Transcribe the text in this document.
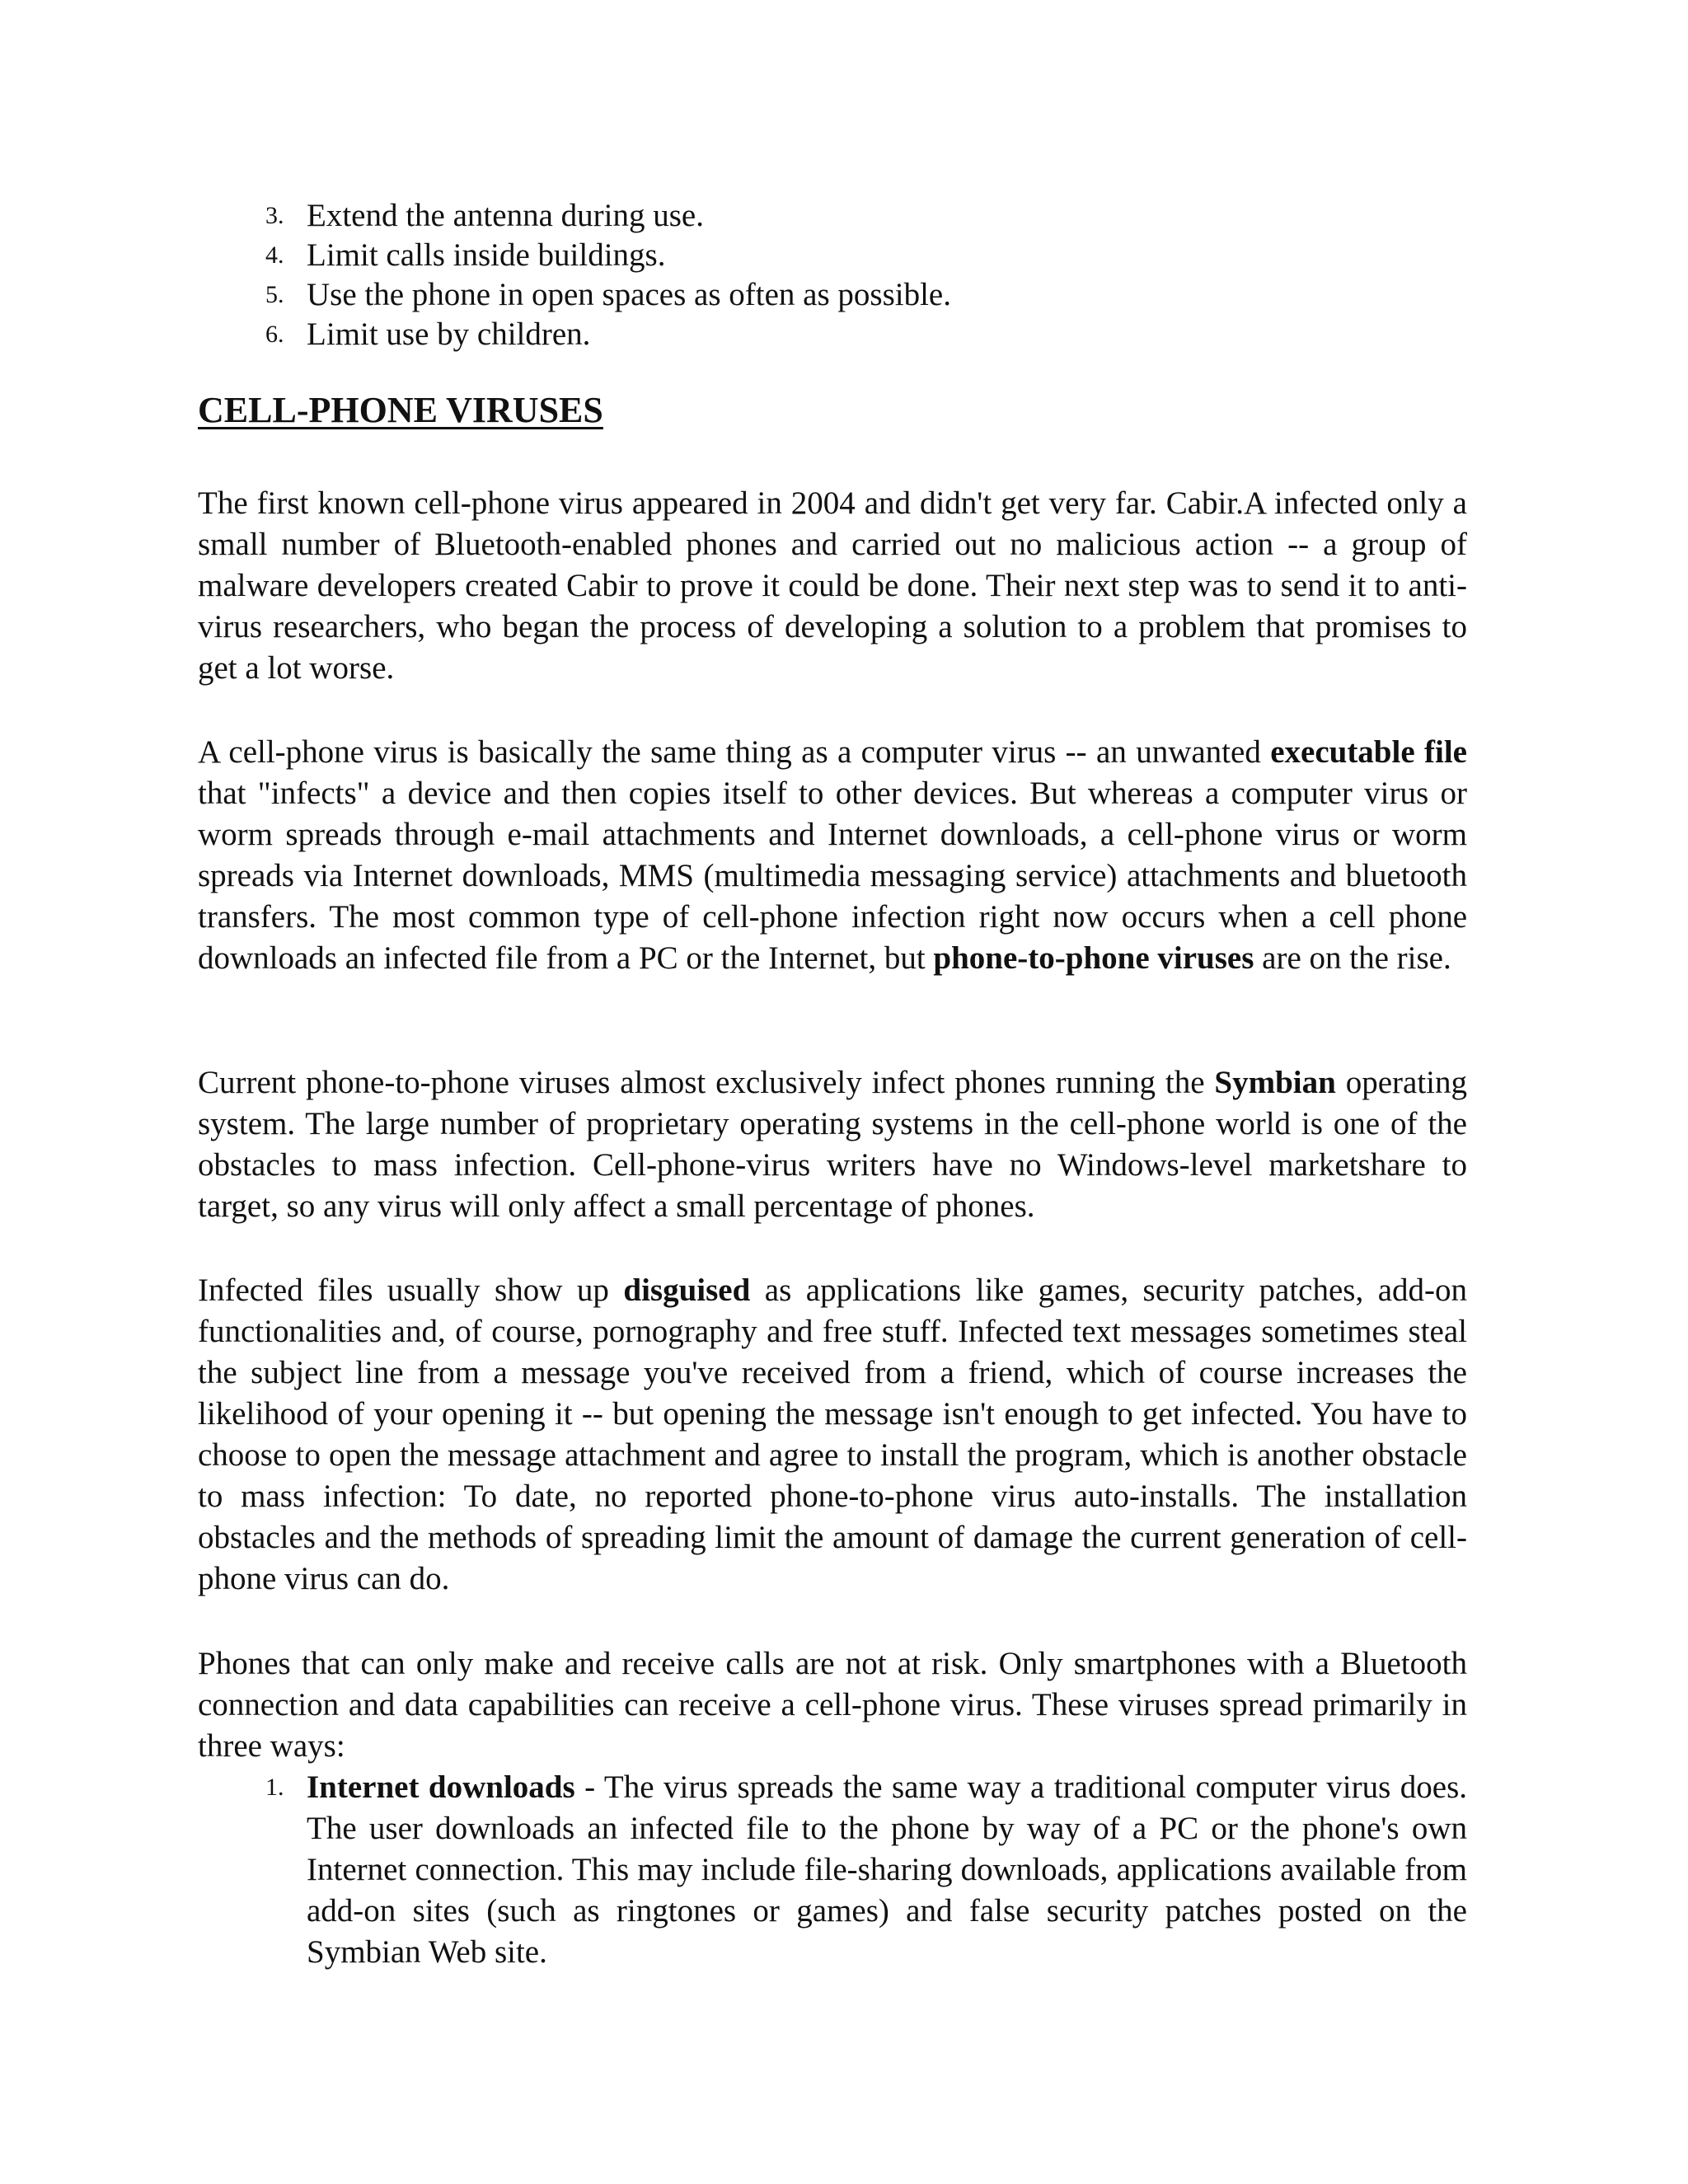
3. Extend the antenna during use.
4. Limit calls inside buildings.
5. Use the phone in open spaces as often as possible.
6. Limit use by children.
CELL-PHONE VIRUSES
The first known cell-phone virus appeared in 2004 and didn't get very far. Cabir.A infected only a small number of Bluetooth-enabled phones and carried out no malicious action -- a group of malware developers created Cabir to prove it could be done. Their next step was to send it to anti-virus researchers, who began the process of developing a solution to a problem that promises to get a lot worse.
A cell-phone virus is basically the same thing as a computer virus -- an unwanted executable file that "infects" a device and then copies itself to other devices. But whereas a computer virus or worm spreads through e-mail attachments and Internet downloads, a cell-phone virus or worm spreads via Internet downloads, MMS (multimedia messaging service) attachments and bluetooth transfers. The most common type of cell-phone infection right now occurs when a cell phone downloads an infected file from a PC or the Internet, but phone-to-phone viruses are on the rise.
Current phone-to-phone viruses almost exclusively infect phones running the Symbian operating system. The large number of proprietary operating systems in the cell-phone world is one of the obstacles to mass infection. Cell-phone-virus writers have no Windows-level marketshare to target, so any virus will only affect a small percentage of phones.
Infected files usually show up disguised as applications like games, security patches, add-on functionalities and, of course, pornography and free stuff. Infected text messages sometimes steal the subject line from a message you've received from a friend, which of course increases the likelihood of your opening it -- but opening the message isn't enough to get infected. You have to choose to open the message attachment and agree to install the program, which is another obstacle to mass infection: To date, no reported phone-to-phone virus auto-installs. The installation obstacles and the methods of spreading limit the amount of damage the current generation of cell-phone virus can do.
Phones that can only make and receive calls are not at risk. Only smartphones with a Bluetooth connection and data capabilities can receive a cell-phone virus. These viruses spread primarily in three ways:
1. Internet downloads - The virus spreads the same way a traditional computer virus does. The user downloads an infected file to the phone by way of a PC or the phone's own Internet connection. This may include file-sharing downloads, applications available from add-on sites (such as ringtones or games) and false security patches posted on the Symbian Web site.
